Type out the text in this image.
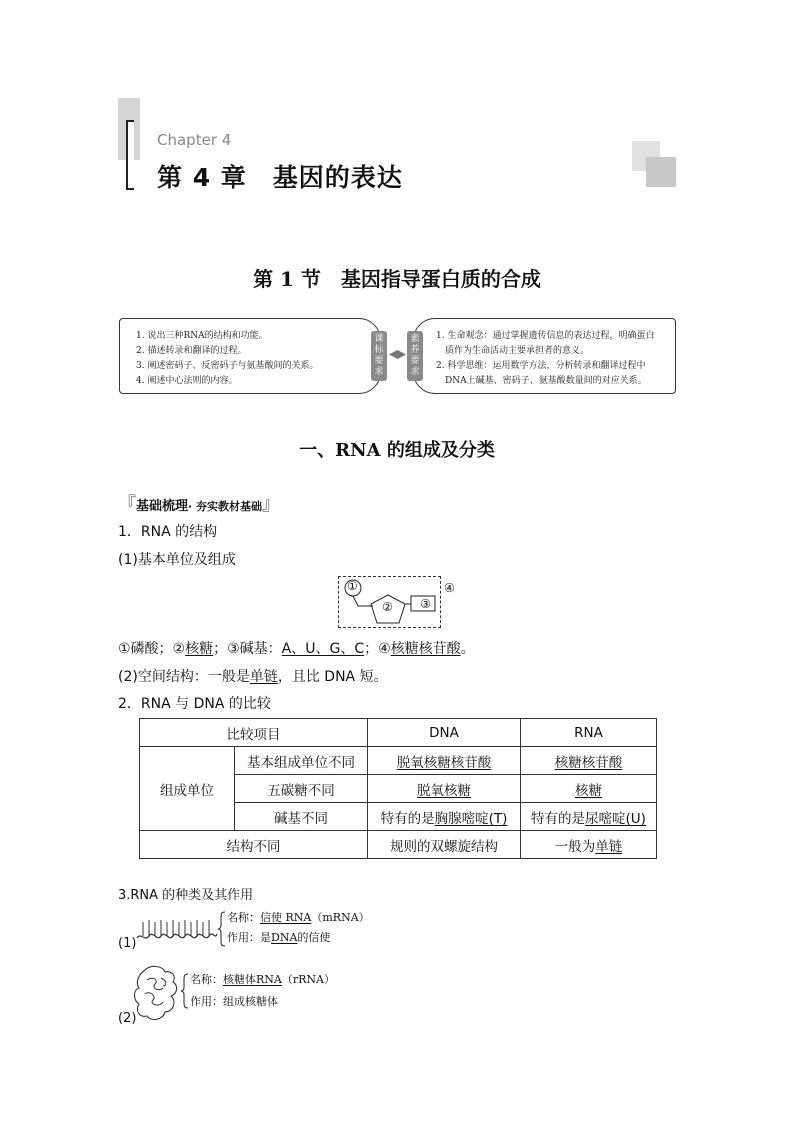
Chapter 4
第 4 章　基因的表达
第 1 节　基因指导蛋白质的合成
1. 说出三种RNA的结构和功能。
2. 描述转录和翻译的过程。
3. 阐述密码子、反密码子与氨基酸间的关系。
4. 阐述中心法则的内容。
1. 生命观念：通过掌握遗传信息的表达过程，明确蛋白
质作为生命活动主要承担者的意义。
2. 科学思维：运用数学方法，分析转录和翻译过程中
DNA上碱基、密码子、氨基酸数量间的对应关系。
课标要求
素养要求
一、RNA 的组成及分类
『基础梳理· 夯实教材基础』
1．RNA 的结构
(1)基本单位及组成
①
② ③
④
①磷酸；②核糖；③碱基：A、U、G、C；④核糖核苷酸。
(2)空间结构：一般是单链，且比 DNA 短。
2．RNA 与 DNA 的比较
比较项目		DNA	RNA
组成单位	基本组成单位不同	脱氧核糖核苷酸	核糖核苷酸
	五碳糖不同	脱氧核糖	核糖
	碱基不同	特有的是胸腺嘧啶(T)	特有的是尿嘧啶(U)
结构不同		规则的双螺旋结构	一般为单链
3.RNA 的种类及其作用
(1)
名称：信使 RNA（mRNA）
作用：是DNA的信使
(2)
名称：核糖体RNA（rRNA）
作用：组成核糖体
